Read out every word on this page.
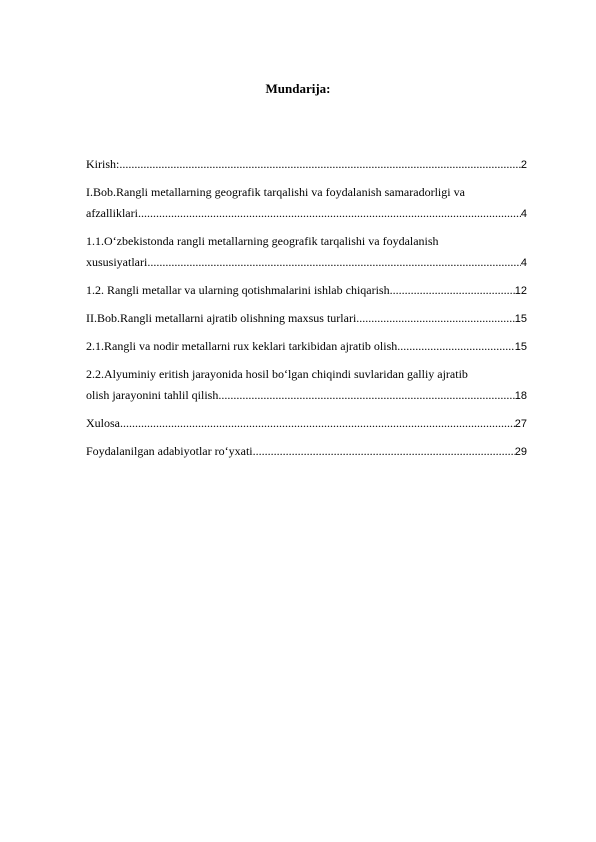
Mundarija:
Kirish: .....	2
I.Bob.Rangli metallarning geografik tarqalishi va foydalanish samaradorligi va
afzalliklari .....	4
1.1.O‘zbekistonda rangli metallarning geografik tarqalishi va foydalanish
xususiyatlari .....	4
1.2. Rangli metallar va ularning qotishmalarini ishlab chiqarish .....	12
II.Bob.Rangli metallarni ajratib olishning maxsus turlari .....	15
2.1.Rangli va nodir metallarni rux keklari tarkibidan ajratib olish .....	15
2.2.Alyuminiy eritish jarayonida hosil bo‘lgan chiqindi suvlaridan galliy ajratib
olish jarayonini tahlil qilish .....	18
Xulosa .....	27
Foydalanilgan adabiyotlar ro‘yxati .....	29
